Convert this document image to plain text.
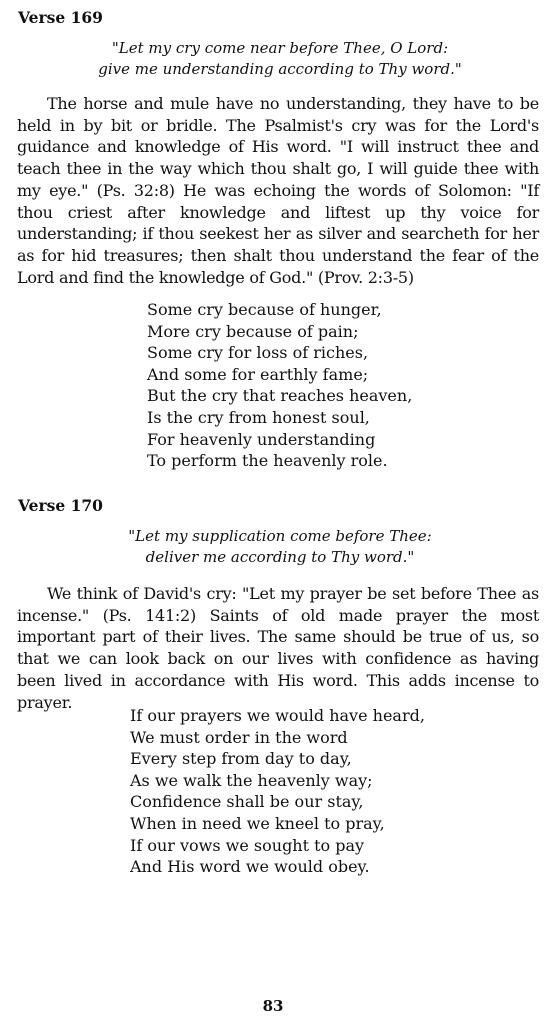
Verse 169
"Let my cry come near before Thee, O Lord:
give me understanding according to Thy word."
The horse and mule have no understanding, they have to be held in by bit or bridle. The Psalmist's cry was for the Lord's guidance and knowledge of His word. "I will instruct thee and teach thee in the way which thou shalt go, I will guide thee with my eye." (Ps. 32:8) He was echoing the words of Solomon: "If thou criest after knowledge and liftest up thy voice for understanding; if thou seekest her as silver and searcheth for her as for hid treasures; then shalt thou understand the fear of the Lord and find the knowledge of God." (Prov. 2:3-5)
Some cry because of hunger,
More cry because of pain;
Some cry for loss of riches,
And some for earthly fame;
But the cry that reaches heaven,
Is the cry from honest soul,
For heavenly understanding
To perform the heavenly role.
Verse 170
"Let my supplication come before Thee:
deliver me according to Thy word."
We think of David's cry: "Let my prayer be set before Thee as incense." (Ps. 141:2) Saints of old made prayer the most important part of their lives. The same should be true of us, so that we can look back on our lives with confidence as having been lived in accordance with His word. This adds incense to prayer.
If our prayers we would have heard,
We must order in the word
Every step from day to day,
As we walk the heavenly way;
Confidence shall be our stay,
When in need we kneel to pray,
If our vows we sought to pay
And His word we would obey.
83
